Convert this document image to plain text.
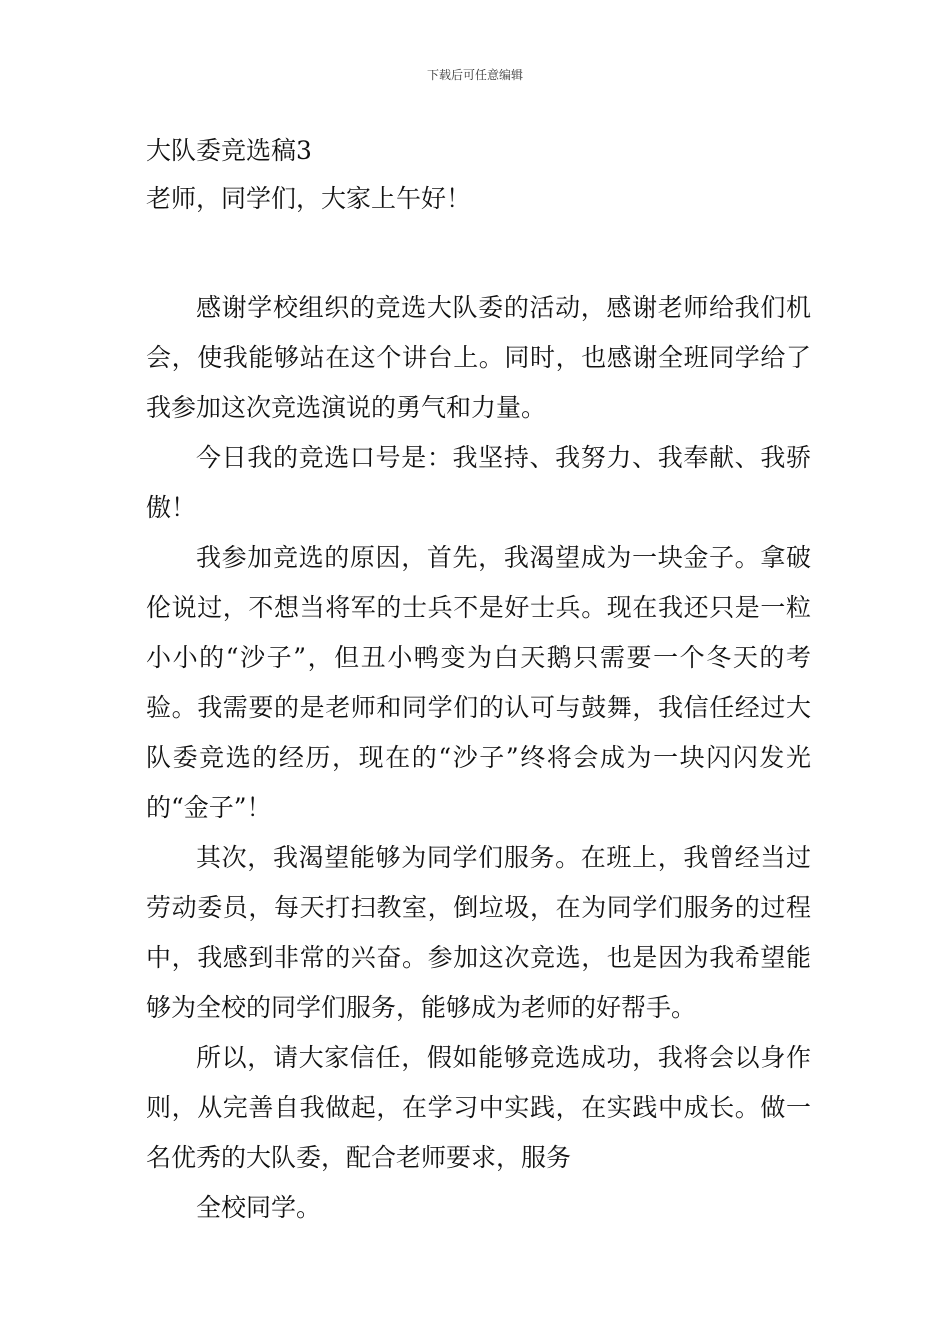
下载后可任意编辑
大队委竞选稿3
老师，同学们，大家上午好！

感谢学校组织的竞选大队委的活动，感谢老师给我们机会，使我能够站在这个讲台上。同时，也感谢全班同学给了我参加这次竞选演说的勇气和力量。

今日我的竞选口号是：我坚持、我努力、我奉献、我骄傲！

我参加竞选的原因，首先，我渴望成为一块金子。拿破伦说过，不想当将军的士兵不是好士兵。现在我还只是一粒小小的“沙子”，但丑小鸭变为白天鹅只需要一个冬天的考验。我需要的是老师和同学们的认可与鼓舞，我信任经过大队委竞选的经历，现在的“沙子”终将会成为一块闪闪发光的“金子”！

其次，我渴望能够为同学们服务。在班上，我曾经当过劳动委员，每天打扫教室，倒垃圾，在为同学们服务的过程中，我感到非常的兴奋。参加这次竞选，也是因为我希望能够为全校的同学们服务，能够成为老师的好帮手。

所以，请大家信任，假如能够竞选成功，我将会以身作则，从完善自我做起，在学习中实践，在实践中成长。做一名优秀的大队委，配合老师要求，服务

全校同学。
